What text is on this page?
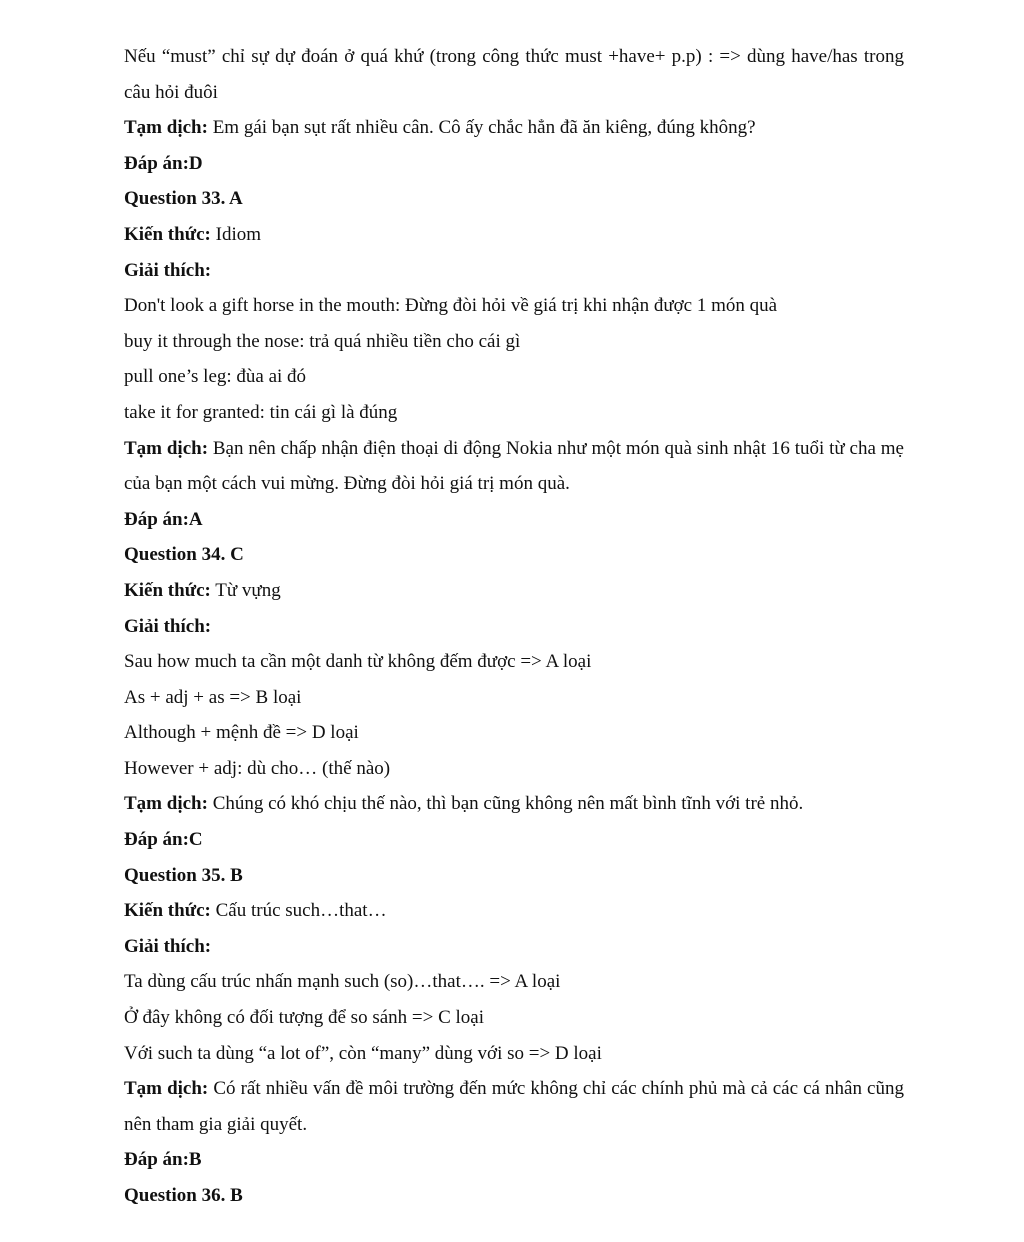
Nếu “must” chỉ sự dự đoán ở quá khứ (trong công thức must +have+ p.p) : => dùng have/has trong câu hỏi đuôi
Tạm dịch: Em gái bạn sụt rất nhiều cân. Cô ấy chắc hẳn đã ăn kiêng, đúng không?
Đáp án:D
Question 33. A
Kiến thức: Idiom
Giải thích:
Don't look a gift horse in the mouth: Đừng đòi hỏi về giá trị khi nhận được 1 món quà
buy it through the nose: trả quá nhiều tiền cho cái gì
pull one’s leg: đùa ai đó
take it for granted: tin cái gì là đúng
Tạm dịch: Bạn nên chấp nhận điện thoại di động Nokia như một món quà sinh nhật 16 tuổi từ cha mẹ của bạn một cách vui mừng. Đừng đòi hỏi giá trị món quà.
Đáp án:A
Question 34. C
Kiến thức: Từ vựng
Giải thích:
Sau how much ta cần một danh từ không đếm được => A loại
As + adj + as => B loại
Although + mệnh đề => D loại
However + adj: dù cho… (thế nào)
Tạm dịch: Chúng có khó chịu thế nào, thì bạn cũng không nên mất bình tĩnh với trẻ nhỏ.
Đáp án:C
Question 35. B
Kiến thức: Cấu trúc such…that…
Giải thích:
Ta dùng cấu trúc nhấn mạnh such (so)…that…. => A loại
Ở đây không có đối tượng để so sánh => C loại
Với such ta dùng “a lot of”, còn “many” dùng với so => D loại
Tạm dịch: Có rất nhiều vấn đề môi trường đến mức không chỉ các chính phủ mà cả các cá nhân cũng nên tham gia giải quyết.
Đáp án:B
Question 36. B
